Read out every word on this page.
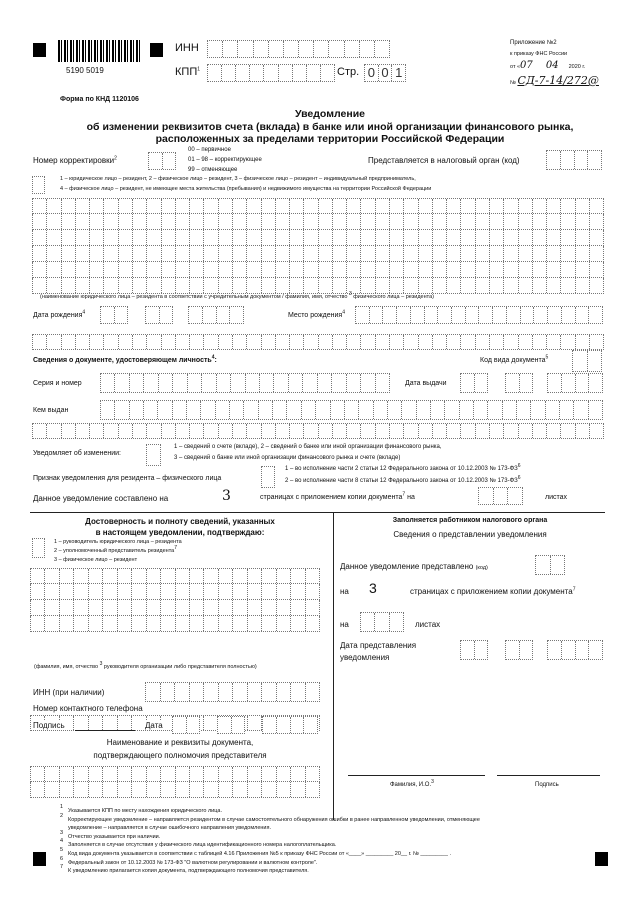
5190 5019
ИНН
КПП$^1$	Стр. 0 0 1
Приложение №2
к приказу ФНС России
от «07 04 2020 г.
№ СД-7-14/272@
Форма по КНД 1120106
Уведомление
об изменении реквизитов счета (вклада) в банке или иной организации финансового рынка,
расположенных за пределами территории Российской Федерации
Номер корректировки$^2$
00 – первичное
01 – 98 – корректирующее
99 – отменяющее
Представляется в налоговый орган (код)
1 – юридическое лицо – резидент, 2 – физическое лицо – резидент, 3 – физическое лицо – резидент – индивидуальный предприниматель,
4 – физическое лицо – резидент, не имеющее места жительства (пребывания) и недвижимого имущества на территории Российской Федерации
(наименование юридического лица – резидента в соответствии с учредительным документом / фамилия, имя, отчество $^3$ физического лица – резидента)
Дата рождения$^4$	Место рождения$^4$
Сведения о документе, удостоверяющем личность$^4$:	Код вида документа$^5$
Серия и номер	Дата выдачи
Кем выдан
Уведомляет об изменении:
1 – сведений о счете (вкладе), 2 – сведений о банке или иной организации финансового рынка,
3 – сведений о банке или иной организации финансового рынка и счете (вкладе)
Признак уведомления для резидента – физического лица
1 – во исполнение части 2 статьи 12 Федерального закона от 10.12.2003 № $173-ФЗ^6$
2 – во исполнение части 8 статьи 12 Федерального закона от 10.12.2003 № $173-ФЗ^6$
Данное уведомление составлено на	3	страницах с приложением копии документа$^7$ на	листах
Достоверность и полноту сведений, указанных
в настоящем уведомлении, подтверждаю:
1 – руководитель юридического лица – резидента
2 – уполномоченный представитель резидента$^7$
3 – физическое лицо – резидент
(фамилия, имя, отчество $^3$ руководителя организации либо представителя полностью)
ИНН (при наличии)
Номер контактного телефона
Подпись	Дата
Наименование и реквизиты документа,
подтверждающего полномочия представителя
Заполняется работником налогового органа
Сведения о представлении уведомления
Данное уведомление представлено (код)
на 3	страницах с приложением копии документа$^7$
на	листах
Дата представления
уведомления
Фамилия, И.О.$^3$	Подпись
1
2

3
4
5
6
7
Указывается КПП по месту нахождения юридического лица.
Корректирующее уведомление – направляется резидентом в случае самостоятельного обнаружения ошибки в ранее направленном уведомлении, отменяющее
уведомление – направляется в случае ошибочного направления уведомления.
Отчество указывается при наличии.
Заполняется в случае отсутствия у физического лица идентификационного номера налогоплательщика.
Код вида документа указывается в соответствии с таблицей 4.16 Приложения №5 к приказу ФНС России от «____» _________ 20__ г. № _________ .
Федеральный закон от 10.12.2003 № 173-ФЗ "О валютном регулировании и валютном контроле".
К уведомлению прилагается копия документа, подтверждающего полномочия представителя.
